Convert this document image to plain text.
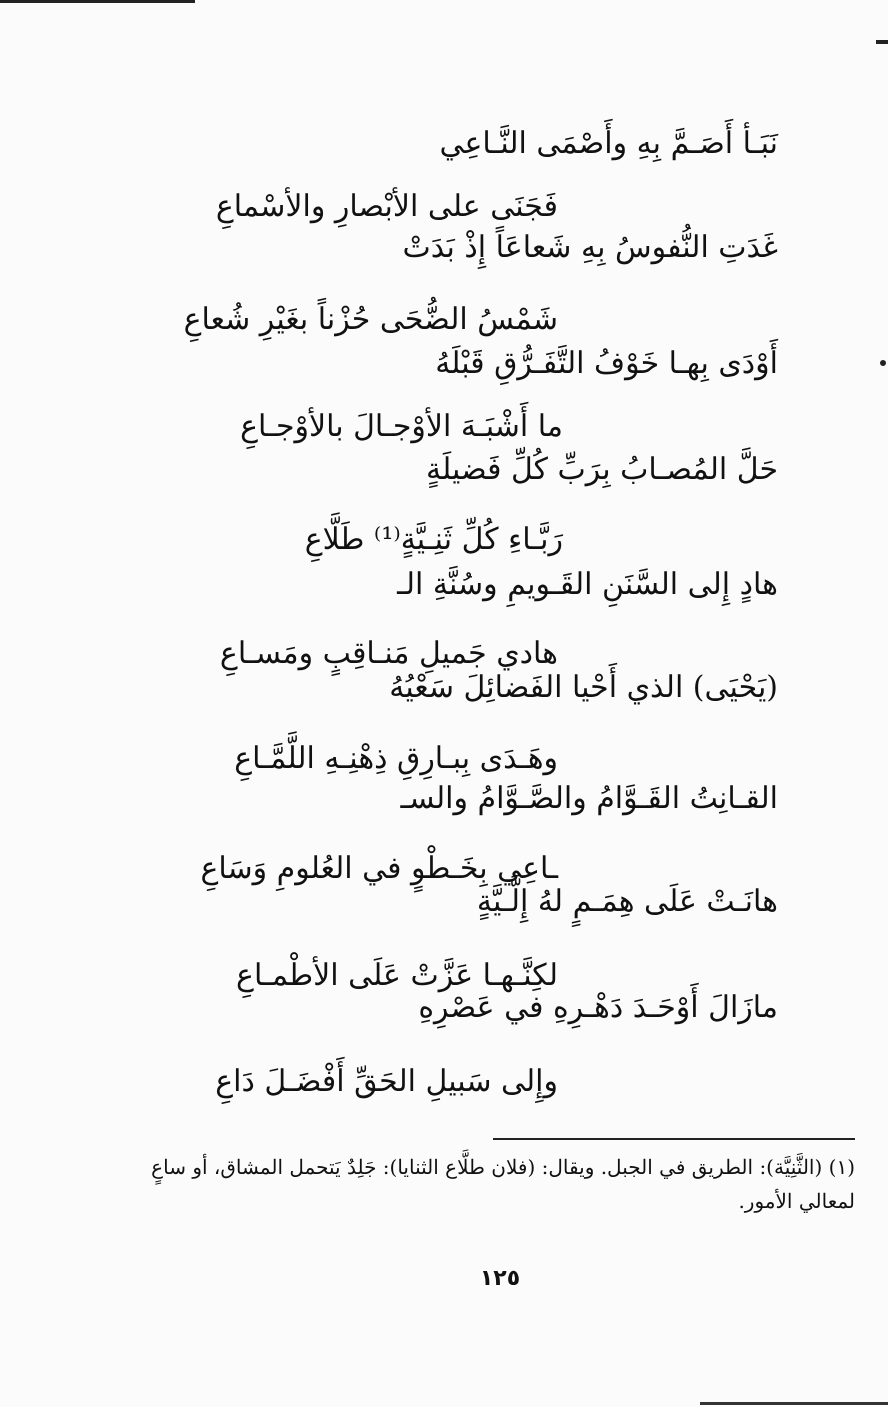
نَبَـأ أَصَـمَّ بِهِ وأَصْمَى النَّـاعِي
فَجَنَى على الأبْصارِ والأسْماعِ
غَدَتِ النُّفوسُ بِهِ شَعاعَاً إِذْ بَدَتْ
شَمْسُ الضُّحَى حُزْناً بغَيْرِ شُعاعِ
أَوْدَى بِهـا خَوْفُ التَّفَـرُّقِ قَبْلَهُ
ما أَشْبَـهَ الأوْجـالَ بالأوْجـاعِ
حَلَّ المُصـابُ بِرَبِّ كُلِّ فَضيلَةٍ
رَبَّـاءِ كُلِّ ثَنِـيَّةٍ⁽¹⁾ طَلَّاعِ
هادٍ إِلى السَّنَنِ القَـويمِ وسُنَّةِ الـ
هادي جَميلِ مَنـاقِبٍ ومَسـاعِ
(يَحْيَى) الذي أَحْيا الفَضائِلَ سَعْيُهُ
وهَـدَى بِبـارِقِ ذِهْنِـهِ اللَّمَّـاعِ
القـانِتُ القَـوَّامُ والصَّـوَّامُ والسـ
ـاعِي بِخَـطْوٍ في العُلومِ وَسَاعِ
هانَـتْ عَلَى هِمَـمٍ لهُ إِلَّـيَّةٍ
لكِنَّـهـا عَزَّتْ عَلَى الأطْمـاعِ
مازَالَ أَوْحَـدَ دَهْـرِهِ في عَصْرِهِ
وإِلى سَبيلِ الحَقِّ أَفْضَـلَ دَاعِ
(١) (الثَّنِيَّة): الطريق في الجبل. ويقال: (فلان طلَّاع الثنايا): جَلِدٌ يَتحمل المشاق، أو ساعٍ لمعالي الأمور.
١٢٥
